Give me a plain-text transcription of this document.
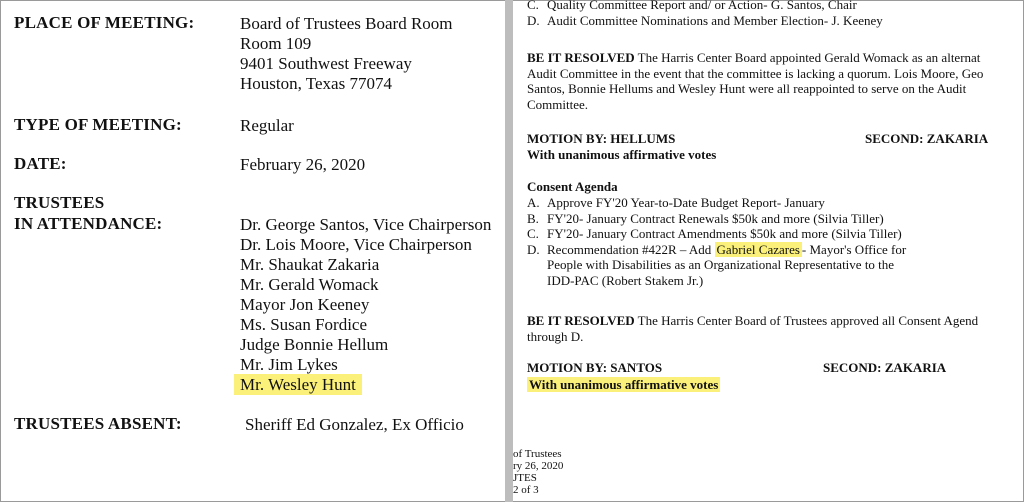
PLACE OF MEETING:	Board of Trustees Board Room
Room 109
9401 Southwest Freeway
Houston, Texas 77074
TYPE OF MEETING:	Regular
DATE:	February 26, 2020
TRUSTEES
IN ATTENDANCE:	Dr. George Santos, Vice Chairperson
Dr. Lois Moore, Vice Chairperson
Mr. Shaukat Zakaria
Mr. Gerald Womack
Mayor Jon Keeney
Ms. Susan Fordice
Judge Bonnie Hellum
Mr. Jim Lykes
Mr. Wesley Hunt
TRUSTEES ABSENT:	Sheriff Ed Gonzalez, Ex Officio
C. Quality Committee Report and/ or Action- G. Santos, Chair
D. Audit Committee Nominations and Member Election- J. Keeney
BE IT RESOLVED The Harris Center Board appointed Gerald Womack as an alternat
Audit Committee in the event that the committee is lacking a quorum. Lois Moore, Geo
Santos, Bonnie Hellums and Wesley Hunt were all reappointed to serve on the Audit
Committee.
MOTION BY: HELLUMS	SECOND: ZAKARIA
With unanimous affirmative votes
Consent Agenda
A. Approve FY'20 Year-to-Date Budget Report- January
B. FY'20- January Contract Renewals $50k and more (Silvia Tiller)
C. FY'20- January Contract Amendments $50k and more (Silvia Tiller)
D. Recommendation #422R – Add Gabriel Cazares - Mayor's Office for
People with Disabilities as an Organizational Representative to the
IDD-PAC (Robert Stakem Jr.)
BE IT RESOLVED The Harris Center Board of Trustees approved all Consent Agend
through D.
MOTION BY: SANTOS	SECOND: ZAKARIA
With unanimous affirmative votes
of Trustees
ry 26, 2020
JTES
2 of 3
